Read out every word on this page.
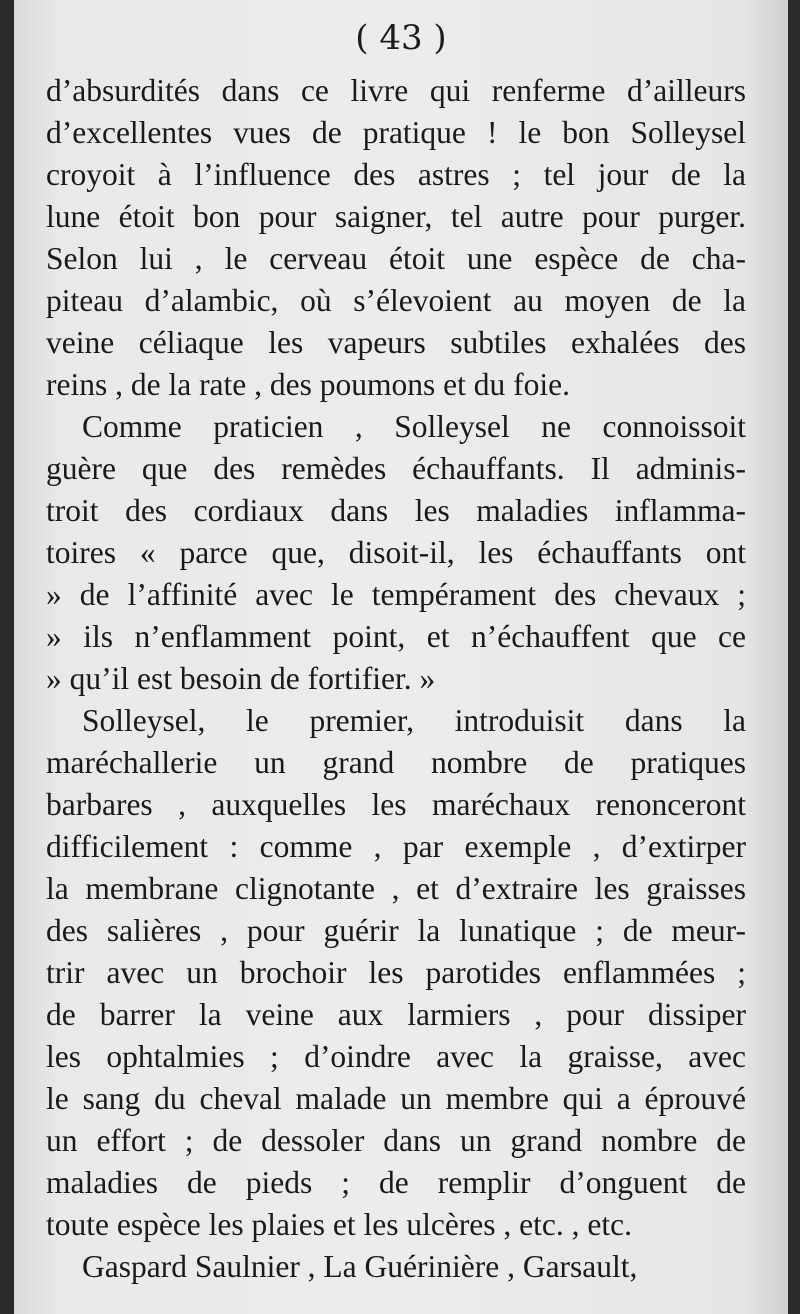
( 43 )
d’absurdités dans ce livre qui renferme d’ailleurs
d’excellentes vues de pratique ! le bon Solleysel
croyoit à l’influence des astres ; tel jour de la
lune étoit bon pour saigner, tel autre pour purger.
Selon lui , le cerveau étoit une espèce de cha-
piteau d’alambic, où s’élevoient au moyen de la
veine céliaque les vapeurs subtiles exhalées des
reins , de la rate , des poumons et du foie.
Comme praticien , Solleysel ne connoissoit
guère que des remèdes échauffants. Il adminis-
troit des cordiaux dans les maladies inflamma-
toires « parce que, disoit-il, les échauffants ont
» de l’affinité avec le tempérament des chevaux ;
» ils n’enflamment point, et n’échauffent que ce
» qu’il est besoin de fortifier. »
Solleysel, le premier, introduisit dans la
maréchallerie un grand nombre de pratiques
barbares , auxquelles les maréchaux renonceront
difficilement : comme , par exemple , d’extirper
la membrane clignotante , et d’extraire les graisses
des salières , pour guérir la lunatique ; de meur-
trir avec un brochoir les parotides enflammées ;
de barrer la veine aux larmiers , pour dissiper
les ophtalmies ; d’oindre avec la graisse, avec
le sang du cheval malade un membre qui a éprouvé
un effort ; de dessoler dans un grand nombre de
maladies de pieds ; de remplir d’onguent de
toute espèce les plaies et les ulcères , etc. , etc.
Gaspard Saulnier , La Guérinière , Garsault,
